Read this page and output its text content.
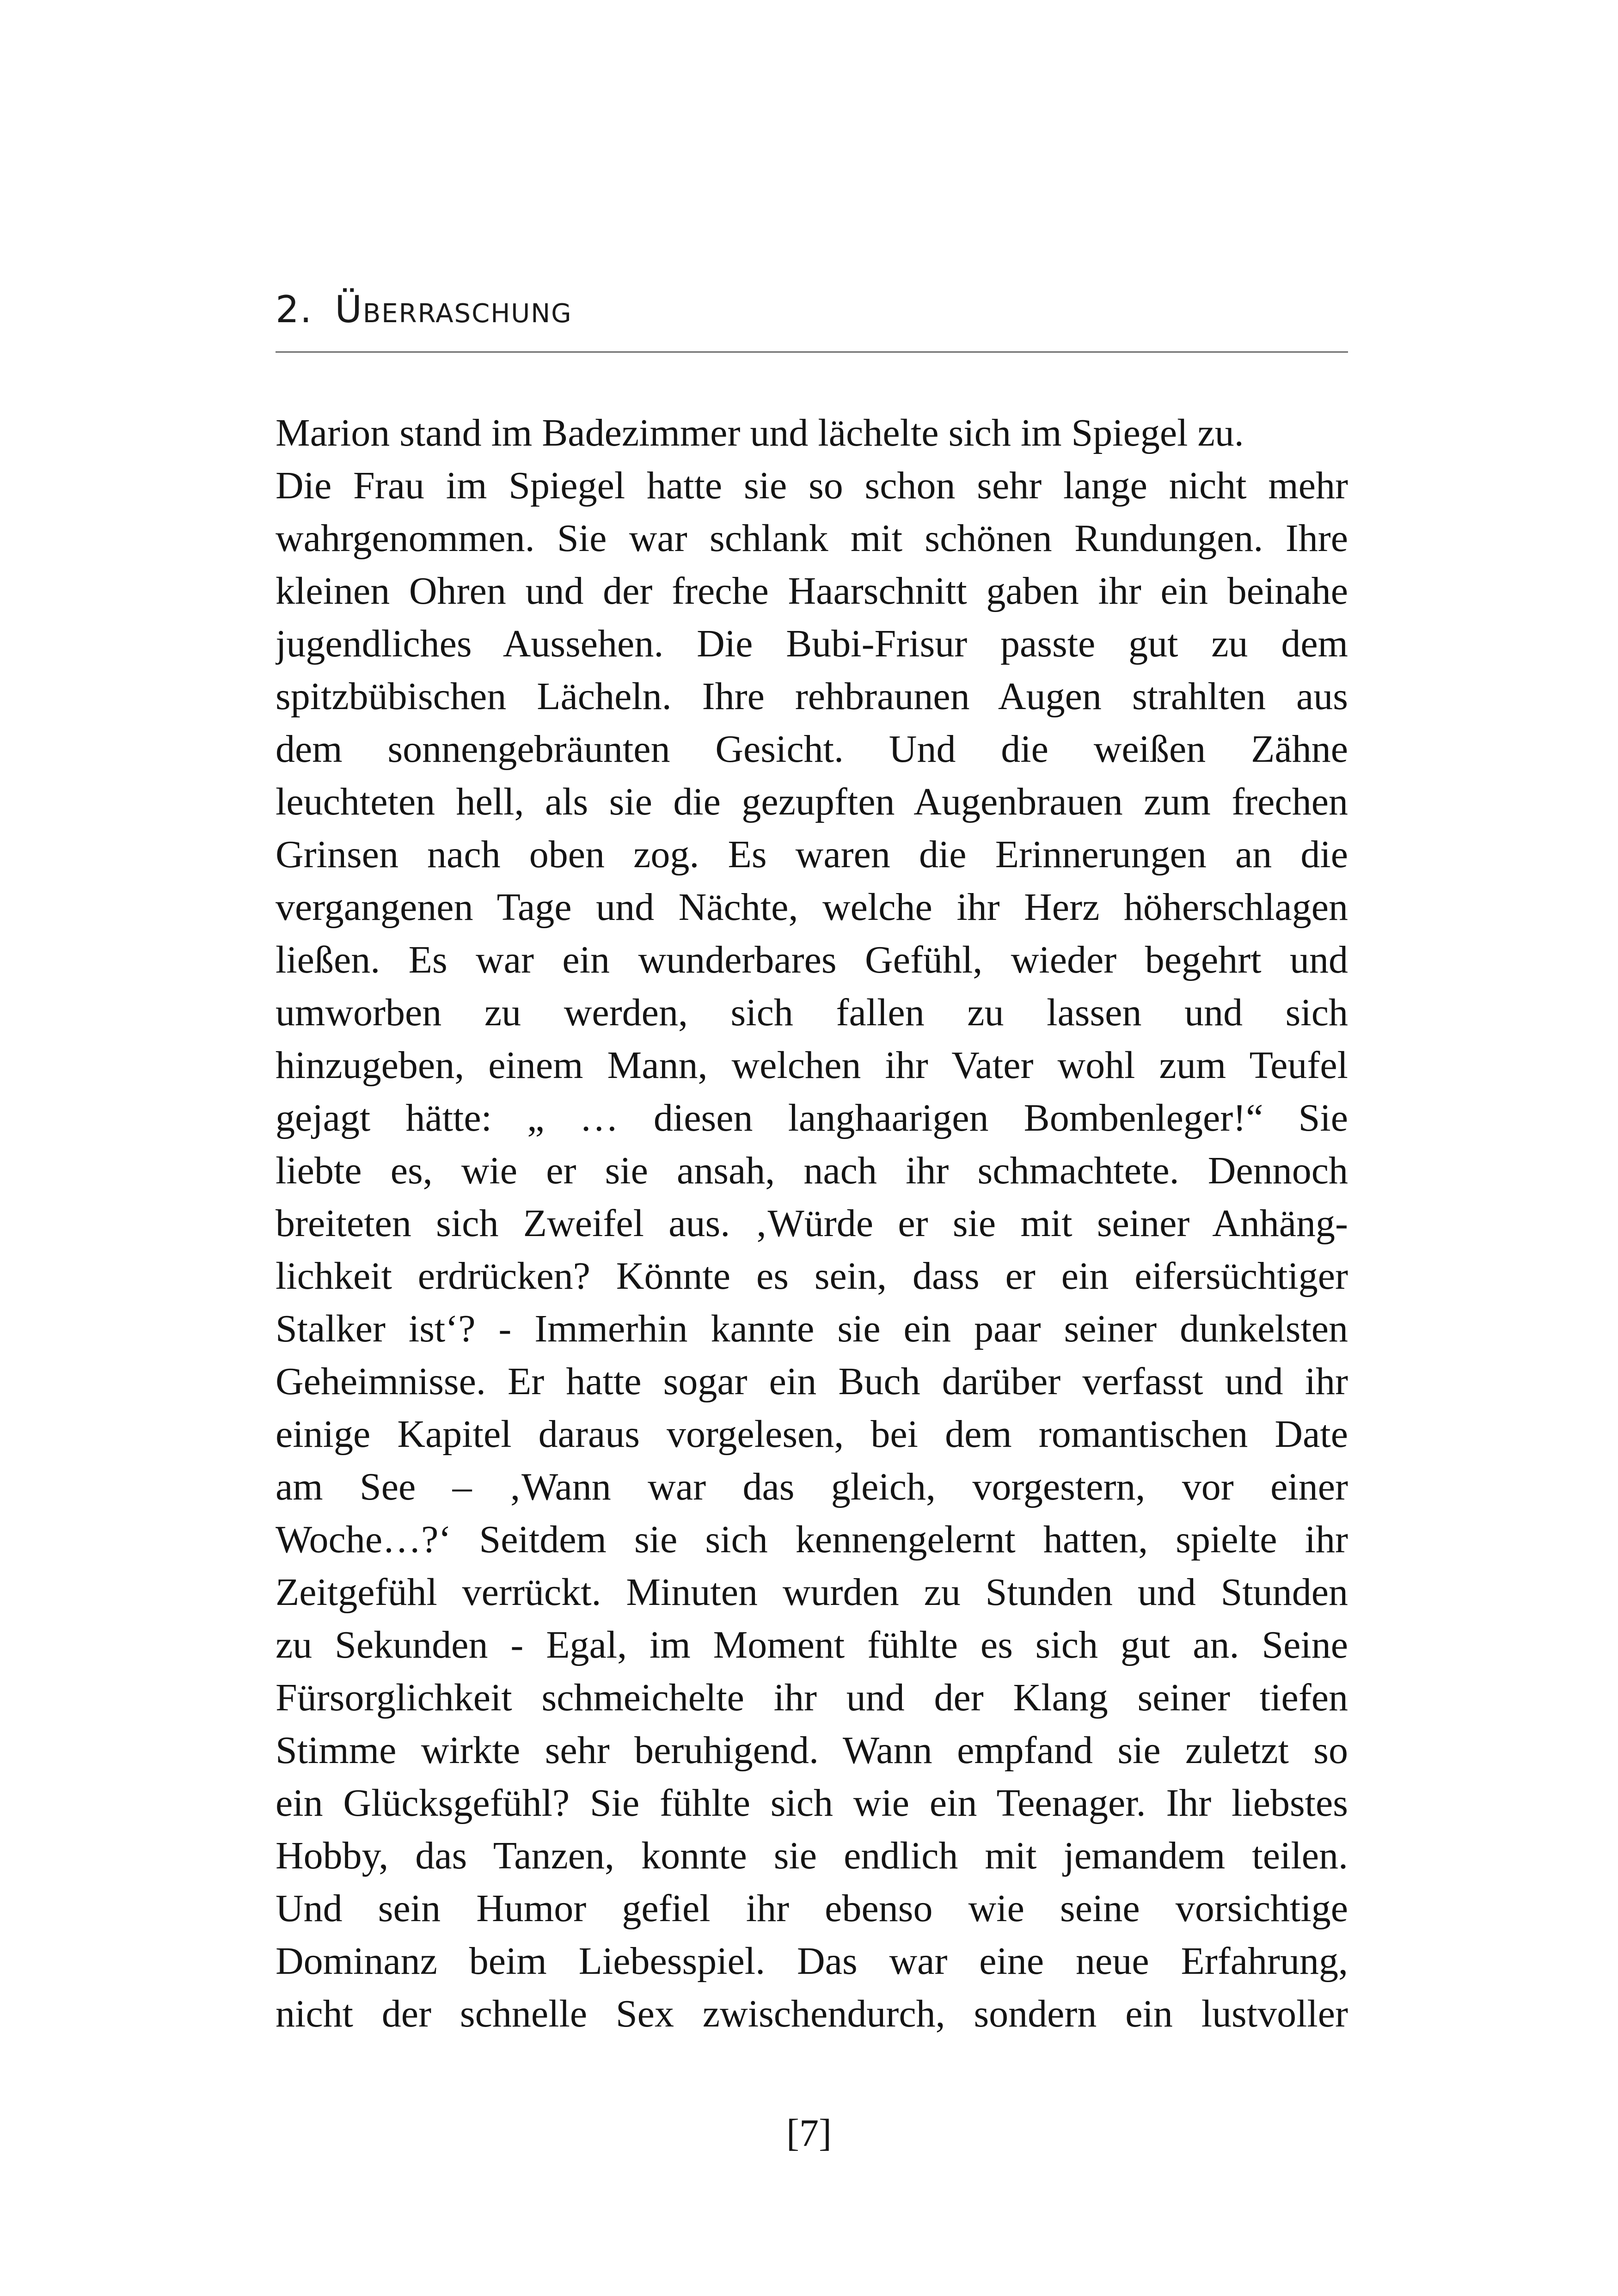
2. Überraschung
Marion stand im Badezimmer und lächelte sich im Spiegel zu.
Die Frau im Spiegel hatte sie so schon sehr lange nicht mehr
wahrgenommen. Sie war schlank mit schönen Rundungen. Ihre
kleinen Ohren und der freche Haarschnitt gaben ihr ein beinahe
jugendliches Aussehen. Die Bubi-Frisur passte gut zu dem
spitzbübischen Lächeln. Ihre rehbraunen Augen strahlten aus
dem sonnengebräunten Gesicht. Und die weißen Zähne
leuchteten hell, als sie die gezupften Augenbrauen zum frechen
Grinsen nach oben zog. Es waren die Erinnerungen an die
vergangenen Tage und Nächte, welche ihr Herz höherschlagen
ließen. Es war ein wunderbares Gefühl, wieder begehrt und
umworben zu werden, sich fallen zu lassen und sich
hinzugeben, einem Mann, welchen ihr Vater wohl zum Teufel
gejagt hätte: „ … diesen langhaarigen Bombenleger!“ Sie
liebte es, wie er sie ansah, nach ihr schmachtete. Dennoch
breiteten sich Zweifel aus. ‚Würde er sie mit seiner Anhäng-
lichkeit erdrücken? Könnte es sein, dass er ein eifersüchtiger
Stalker ist‘? - Immerhin kannte sie ein paar seiner dunkelsten
Geheimnisse. Er hatte sogar ein Buch darüber verfasst und ihr
einige Kapitel daraus vorgelesen, bei dem romantischen Date
am See – ‚Wann war das gleich, vorgestern, vor einer
Woche…?‘ Seitdem sie sich kennengelernt hatten, spielte ihr
Zeitgefühl verrückt. Minuten wurden zu Stunden und Stunden
zu Sekunden - Egal, im Moment fühlte es sich gut an. Seine
Fürsorglichkeit schmeichelte ihr und der Klang seiner tiefen
Stimme wirkte sehr beruhigend. Wann empfand sie zuletzt so
ein Glücksgefühl? Sie fühlte sich wie ein Teenager. Ihr liebstes
Hobby, das Tanzen, konnte sie endlich mit jemandem teilen.
Und sein Humor gefiel ihr ebenso wie seine vorsichtige
Dominanz beim Liebesspiel. Das war eine neue Erfahrung,
nicht der schnelle Sex zwischendurch, sondern ein lustvoller
[7]
